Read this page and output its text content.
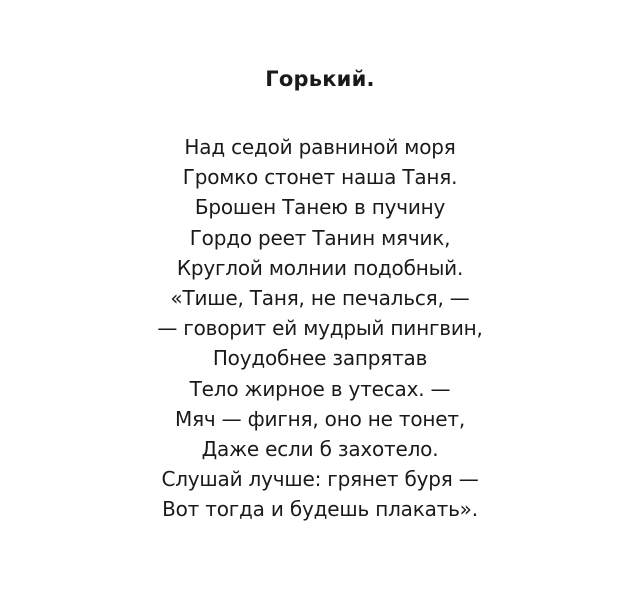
Горький.
Над седой равниной моря
Громко стонет наша Таня.
Брошен Танею в пучину
Гордо реет Танин мячик,
Круглой молнии подобный.
«Тише, Таня, не печалься, —
— говорит ей мудрый пингвин,
Поудобнее запрятав
Тело жирное в утесах. —
Мяч — фигня, оно не тонет,
Даже если б захотело.
Слушай лучше: грянет буря —
Вот тогда и будешь плакать».
